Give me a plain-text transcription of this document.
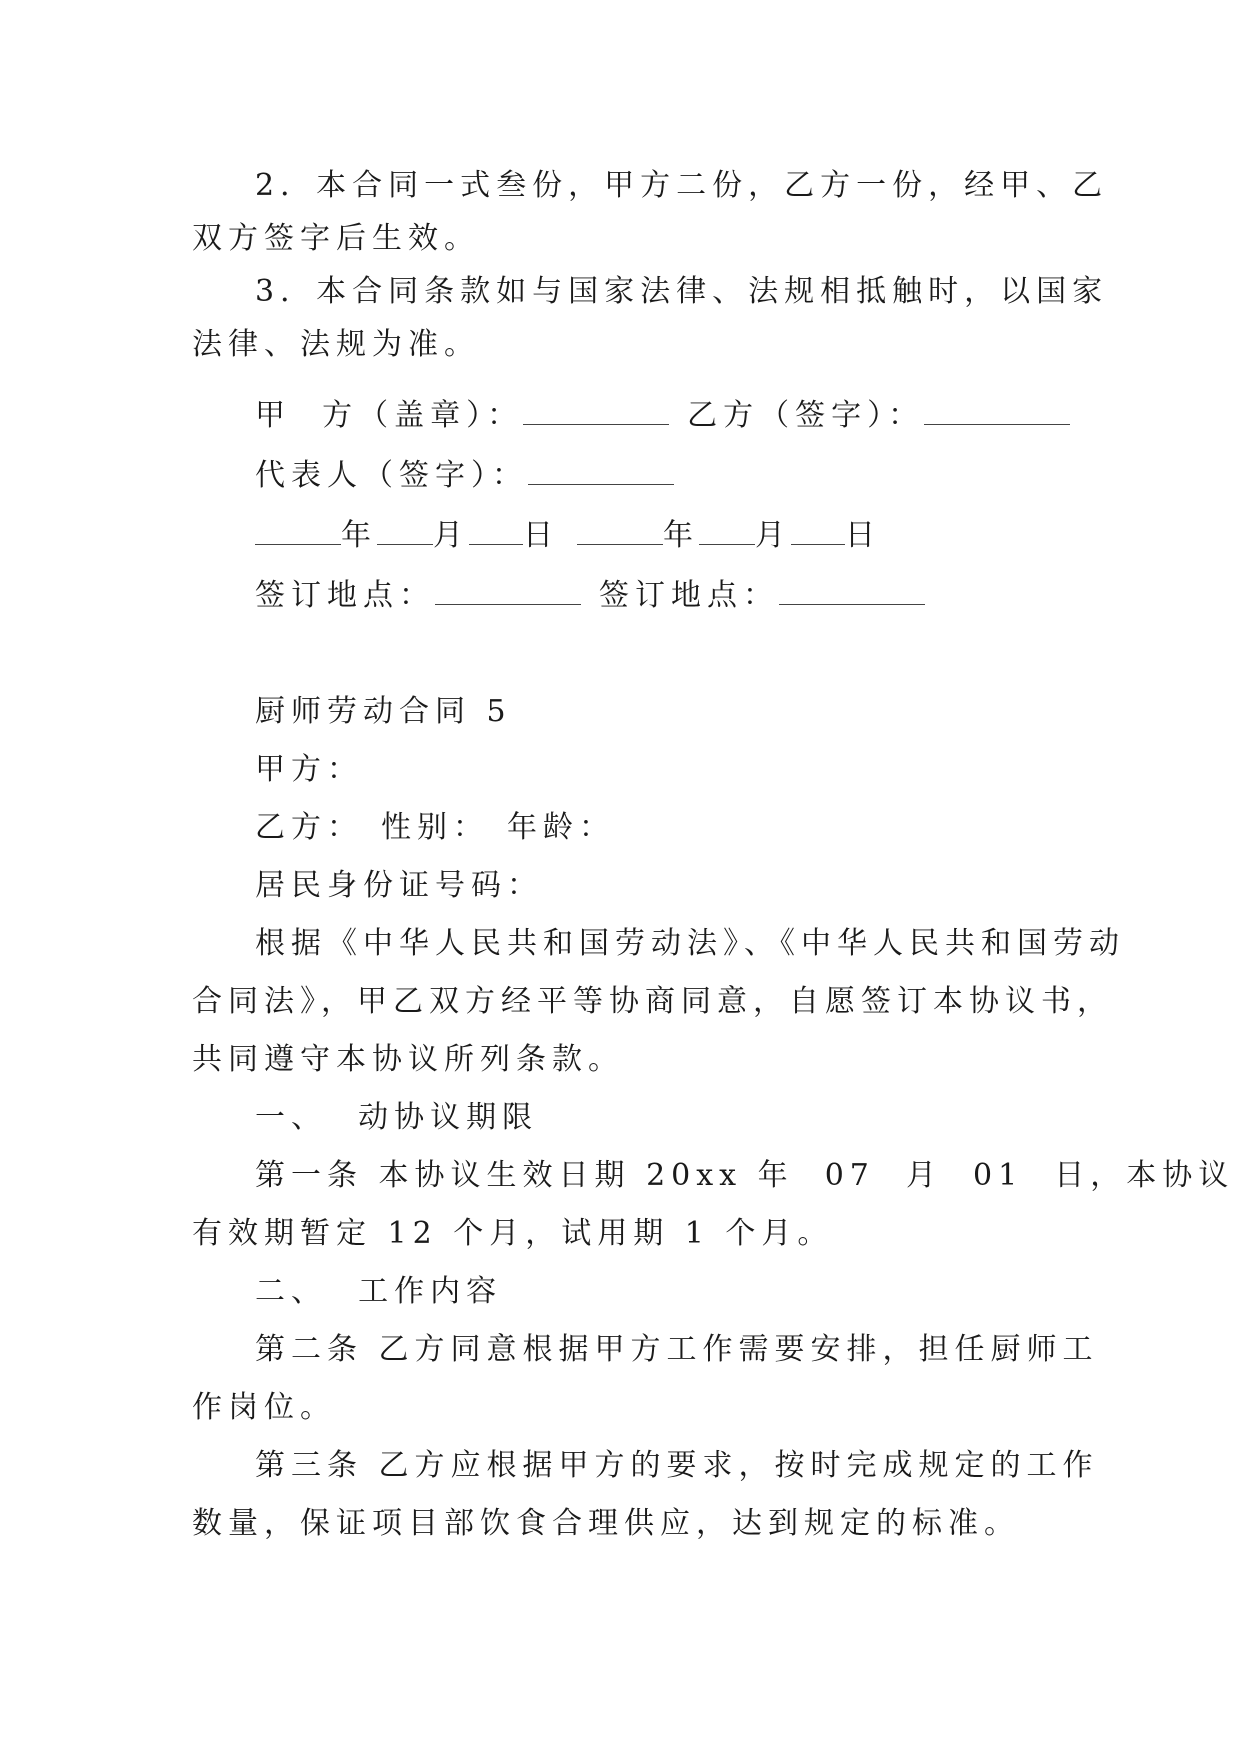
2．本合同一式叁份，甲方二份，乙方一份，经甲、乙
双方签字后生效。
3．本合同条款如与国家法律、法规相抵触时，以国家
法律、法规为准。
甲  方（盖章）：	乙方（签字）：
代表人（签字）：
年 月 日	年 月 日
签订地点：	签订地点：
厨师劳动合同 5
甲方：
乙方： 性别： 年龄：
居民身份证号码：
根据《中华人民共和国劳动法》、《中华人民共和国劳动
合同法》，甲乙双方经平等协商同意，自愿签订本协议书，
共同遵守本协议所列条款。
一、  动协议期限
第一条 本协议生效日期 20xx 年  07  月  01  日，本协议
有效期暂定 12 个月，试用期 1 个月。
二、  工作内容
第二条 乙方同意根据甲方工作需要安排，担任厨师工
作岗位。
第三条 乙方应根据甲方的要求，按时完成规定的工作
数量，保证项目部饮食合理供应，达到规定的标准。
